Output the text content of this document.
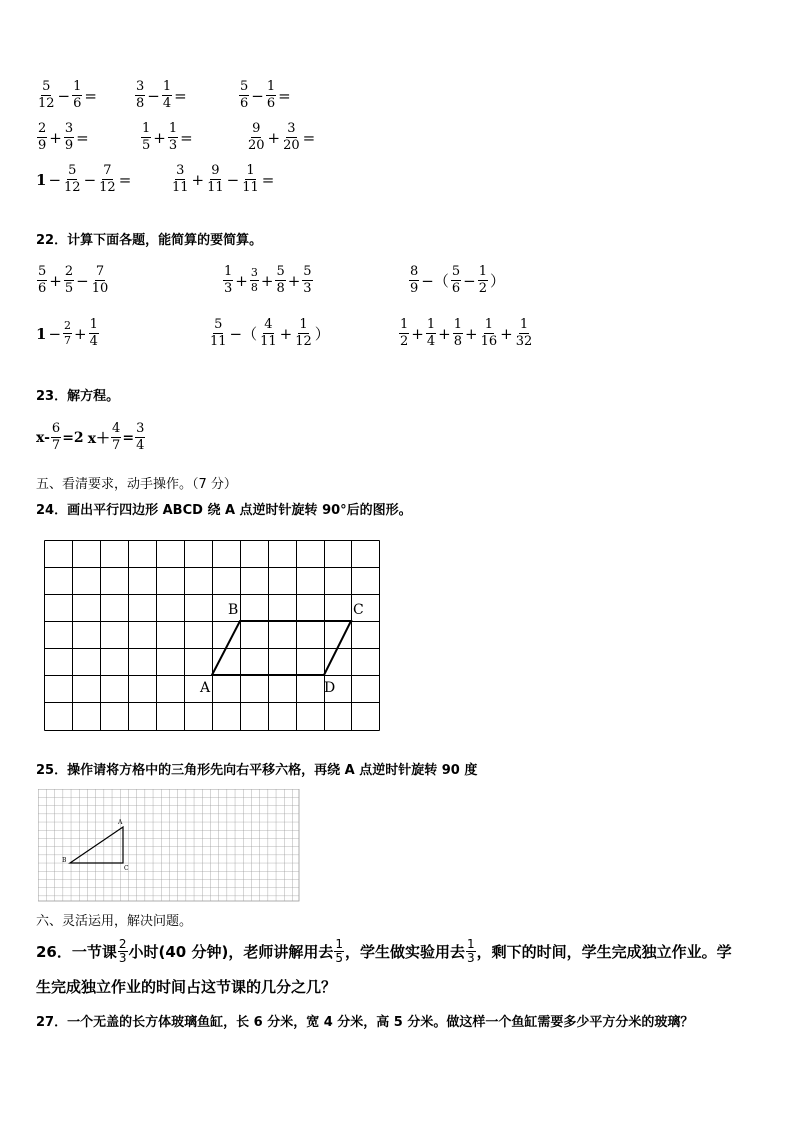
$\frac{5}{12} - \frac{1}{6}$ =	$\frac{3}{8} - \frac{1}{4}$ =	$\frac{5}{6} - \frac{1}{6}$ =
$\frac{2}{9} + \frac{3}{9}$ =	$\frac{1}{5} + \frac{1}{3}$ =	$\frac{9}{20} + \frac{3}{20}$ =
$1 - \frac{5}{12} - \frac{7}{12}$ =	$\frac{3}{11} + \frac{9}{11} - \frac{1}{11}$ =
22．计算下面各题，能简算的要简算。
$\frac{5}{6} + \frac{2}{5} - \frac{7}{10}$	$\frac{1}{3} + \frac{3}{8} + \frac{5}{8} + \frac{5}{3}$	$\frac{8}{9}$ −（ $\frac{5}{6} - \frac{1}{2}$ ）
$1 - \frac{2}{7} + \frac{1}{4}$	$\frac{5}{11}$ −（ $\frac{4}{11} + \frac{1}{12}$ ）	$\frac{1}{2} + \frac{1}{4} + \frac{1}{8} + \frac{1}{16} + \frac{1}{32}$
23．解方程。
$x- \frac{6}{7} =2$ $x+ \frac{4}{7} = \frac{3}{4}$
五、看清要求，动手操作。（7 分）
24．画出平行四边形 ABCD 绕 A 点逆时针旋转 90°后的图形。
A
B	C
D
25．操作请将方格中的三角形先向右平移六格，再绕 A 点逆时针旋转 90 度
A
B
C
六、灵活运用，解决问题。
26．一节课 2
3 小时(40 分钟)，老师讲解用去 1
5 ，学生做实验用去 1
3 ，剩下的时间，学生完成独立作业。学
生完成独立作业的时间占这节课的几分之几？
27．一个无盖的长方体玻璃鱼缸，长 6 分米，宽 4 分米，高 5 分米。做这样一个鱼缸需要多少平方分米的玻璃？
